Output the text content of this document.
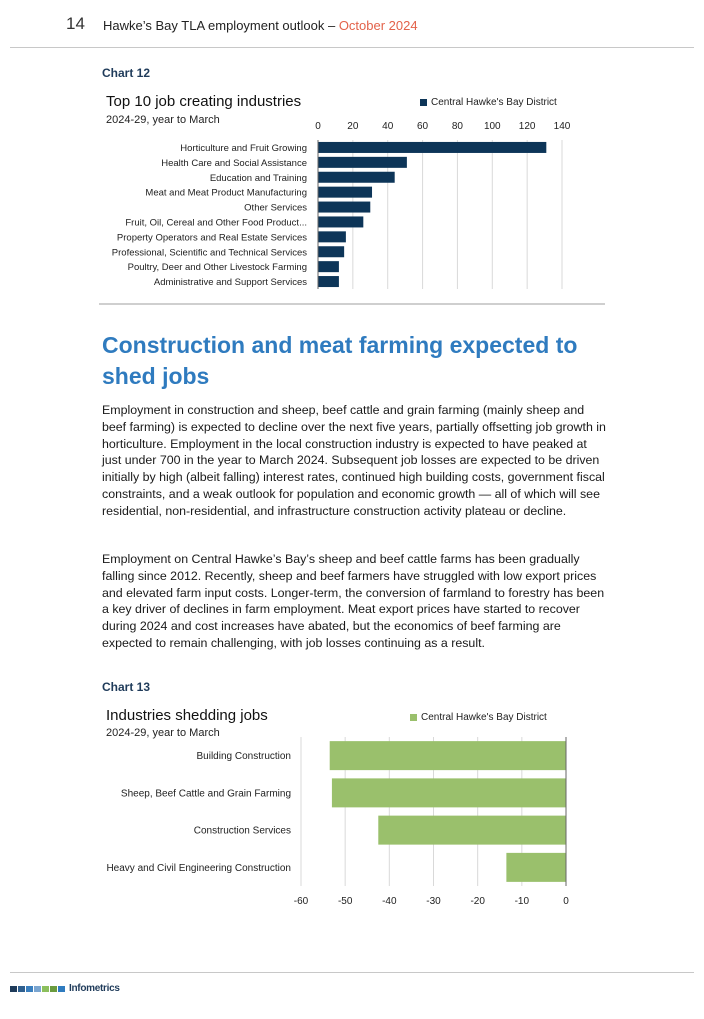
14 Hawke’s Bay TLA employment outlook – October 2024
Chart 12
Top 10 job creating industries
2024-29, year to March
Central Hawke's Bay District
0	20 40 60 80 100 120 140
Horticulture and Fruit Growing
Health Care and Social Assistance
Education and Training
Meat and Meat Product Manufacturing
Other Services
Fruit, Oil, Cereal and Other Food Product...
Property Operators and Real Estate Services
Professional, Scientific and Technical Services
Poultry, Deer and Other Livestock Farming
Administrative and Support Services
Construction and meat farming expected to shed jobs
Employment in construction and sheep, beef cattle and grain farming (mainly sheep and beef farming) is expected to decline over the next five years, partially offsetting job growth in horticulture. Employment in the local construction industry is expected to have peaked at just under 700 in the year to March 2024. Subsequent job losses are expected to be driven initially by high (albeit falling) interest rates, continued high building costs, government fiscal constraints, and a weak outlook for population and economic growth — all of which will see residential, non-residential, and infrastructure construction activity plateau or decline.
Employment on Central Hawke’s Bay’s sheep and beef cattle farms has been gradually falling since 2012. Recently, sheep and beef farmers have struggled with low export prices and elevated farm input costs. Longer-term, the conversion of farmland to forestry has been a key driver of declines in farm employment. Meat export prices have started to recover during 2024 and cost increases have abated, but the economics of beef farming are expected to remain challenging, with job losses continuing as a result.
Chart 13
Industries shedding jobs
2024-29, year to March
Central Hawke's Bay District
-60	-50	-40	-30	-20	-10	0
Building Construction
Sheep, Beef Cattle and Grain Farming
Construction Services
Heavy and Civil Engineering Construction
Infometrics
